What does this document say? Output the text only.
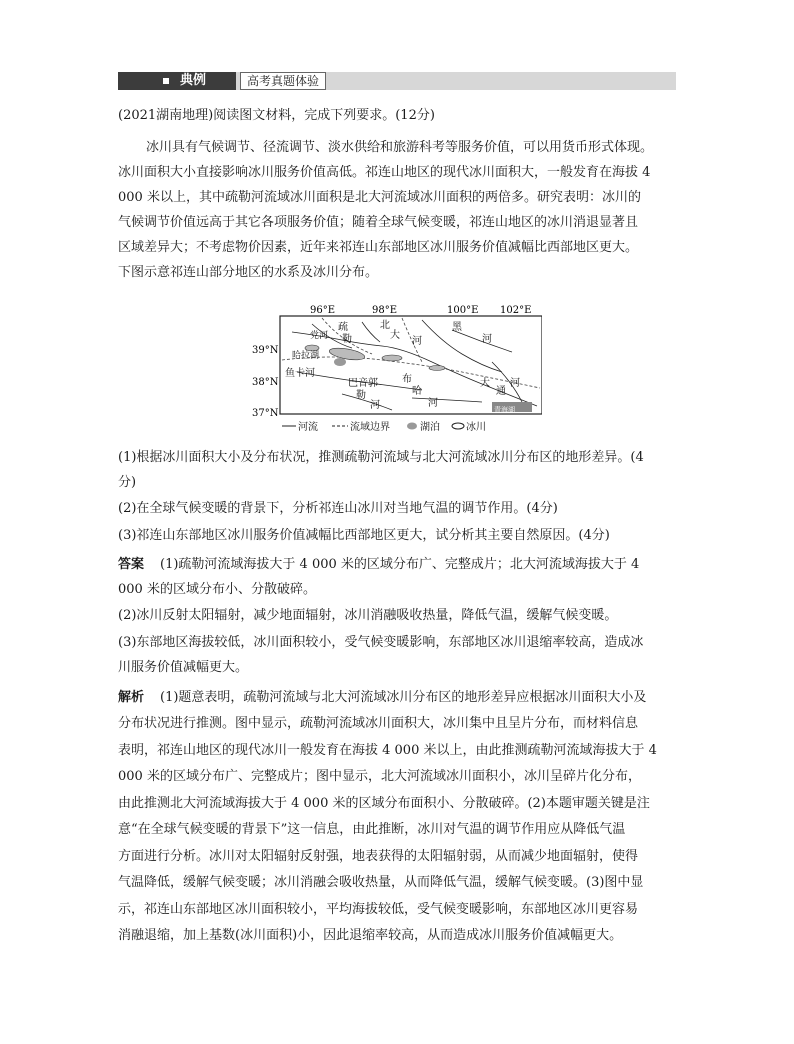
典例	高考真题体验
(2021湖南地理)阅读图文材料，完成下列要求。(12分)
冰川具有气候调节、径流调节、淡水供给和旅游科考等服务价值，可以用货币形式体现。
冰川面积大小直接影响冰川服务价值高低。祁连山地区的现代冰川面积大，一般发育在海拔 4
000 米以上，其中疏勒河流域冰川面积是北大河流域冰川面积的两倍多。研究表明：冰川的
气候调节价值远高于其它各项服务价值；随着全球气候变暖，祁连山地区的冰川消退显著且
区域差异大；不考虑物价因素，近年来祁连山东部地区冰川服务价值减幅比西部地区更大。
下图示意祁连山部分地区的水系及冰川分布。
96°E	98°E	100°E 102°E
39°N
38°N
37°N
疏
勒
北
大
河
黑
河
鱼卡河
巴音郭
勒
河
布
哈
河
大
通
河
青海湖
哈拉湖
党河
河流	流域边界	湖泊	冰川
(1)根据冰川面积大小及分布状况，推测疏勒河流域与北大河流域冰川分布区的地形差异。(4
分)
(2)在全球气候变暖的背景下，分析祁连山冰川对当地气温的调节作用。(4分)
(3)祁连山东部地区冰川服务价值减幅比西部地区更大，试分析其主要自然原因。(4分)
答案 (1)疏勒河流域海拔大于 4 000 米的区域分布广、完整成片；北大河流域海拔大于 4
000 米的区域分布小、分散破碎。
(2)冰川反射太阳辐射，减少地面辐射，冰川消融吸收热量，降低气温，缓解气候变暖。
(3)东部地区海拔较低，冰川面积较小，受气候变暖影响，东部地区冰川退缩率较高，造成冰
川服务价值减幅更大。
解析 (1)题意表明，疏勒河流域与北大河流域冰川分布区的地形差异应根据冰川面积大小及
分布状况进行推测。图中显示，疏勒河流域冰川面积大，冰川集中且呈片分布，而材料信息
表明，祁连山地区的现代冰川一般发育在海拔 4 000 米以上，由此推测疏勒河流域海拔大于 4
000 米的区域分布广、完整成片；图中显示，北大河流域冰川面积小，冰川呈碎片化分布，
由此推测北大河流域海拔大于 4 000 米的区域分布面积小、分散破碎。(2)本题审题关键是注
意“在全球气候变暖的背景下”这一信息，由此推断，冰川对气温的调节作用应从降低气温
方面进行分析。冰川对太阳辐射反射强，地表获得的太阳辐射弱，从而减少地面辐射，使得
气温降低，缓解气候变暖；冰川消融会吸收热量，从而降低气温，缓解气候变暖。(3)图中显
示，祁连山东部地区冰川面积较小，平均海拔较低，受气候变暖影响，东部地区冰川更容易
消融退缩，加上基数(冰川面积)小，因此退缩率较高，从而造成冰川服务价值减幅更大。
